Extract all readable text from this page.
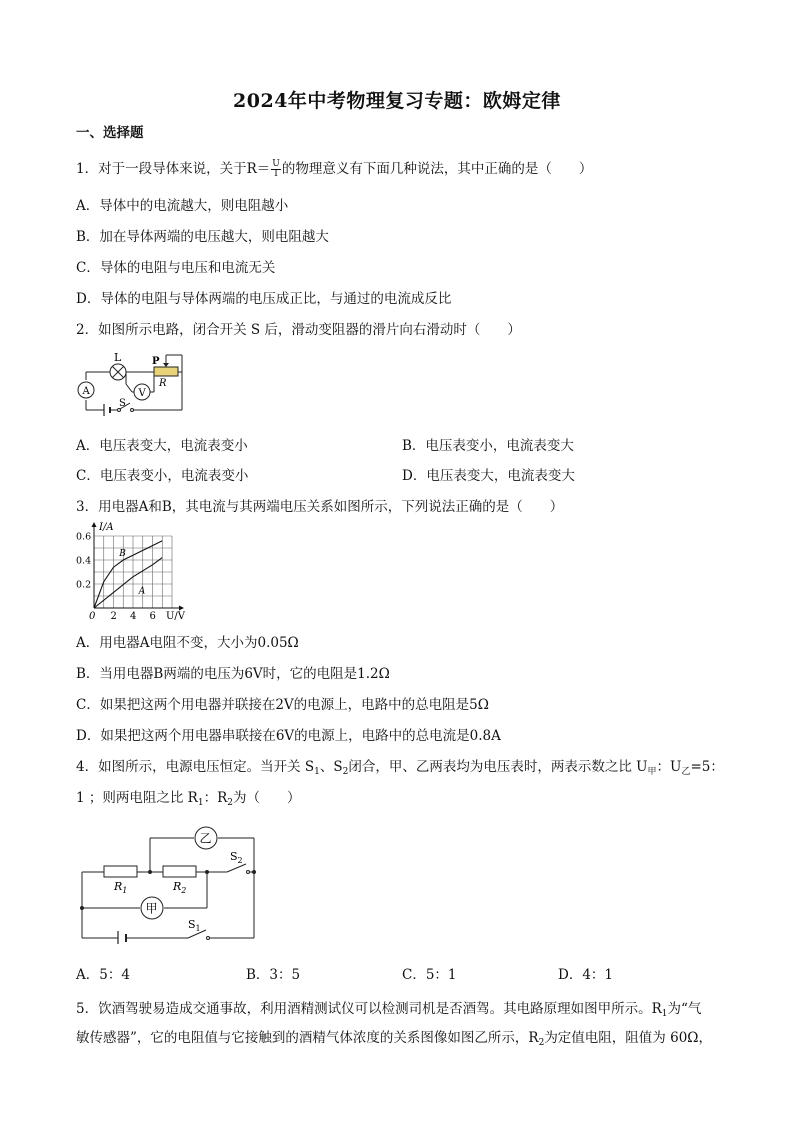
2024年中考物理复习专题：欧姆定律
一、选择题
1．对于一段导体来说，关于$R= \frac{U}{I}$ 的物理意义有下面几种说法，其中正确的是（　　）
A．导体中的电流越大，则电阻越小
B．加在导体两端的电压越大，则电阻越大
C．导体的电阻与电压和电流无关
D．导体的电阻与导体两端的电压成正比，与通过的电流成反比
2．如图所示电路，闭合开关 S 后，滑动变阻器的滑片向右滑动时（　　）
L	P
R
A	V
S
A．电压表变大，电流表变小	B．电压表变小，电流表变大
C．电压表变小，电流表变小	D．电压表变大，电流表变大
3．用电器A和B，其电流与其两端电压关系如图所示，下列说法正确的是（　　）
B
A
0 2 4 6
0.2
0.4
0.6
I/A
U/V
A．用电器A电阻不变，大小为0.05Ω
B．当用电器B两端的电压为6V时，它的电阻是1.2Ω
C．如果把这两个用电器并联接在2V的电源上，电路中的总电阻是5Ω
D．如果把这两个用电器串联接在6V的电源上，电路中的总电流是0.8A
4．如图所示，电源电压恒定。当开关 $S_1$、$S_2$闭合，甲、乙两表均为电压表时，两表示数之比 $U_甲$：$U_乙=5$：
1 ；则两电阻之比 $R_1$：$R_2$为（　　）
乙
甲
$R_1$	$R_2$
$S_2$
$S_1$
A．5：4	B．3：5	C．5：1	D．4：1
5．饮酒驾驶易造成交通事故，利用酒精测试仪可以检测司机是否酒驾。其电路原理如图甲所示。$R_1$为“气
敏传感器”，它的电阻值与它接触到的酒精气体浓度的关系图像如图乙所示，$R_2$为定值电阻，阻值为 60Ω，
